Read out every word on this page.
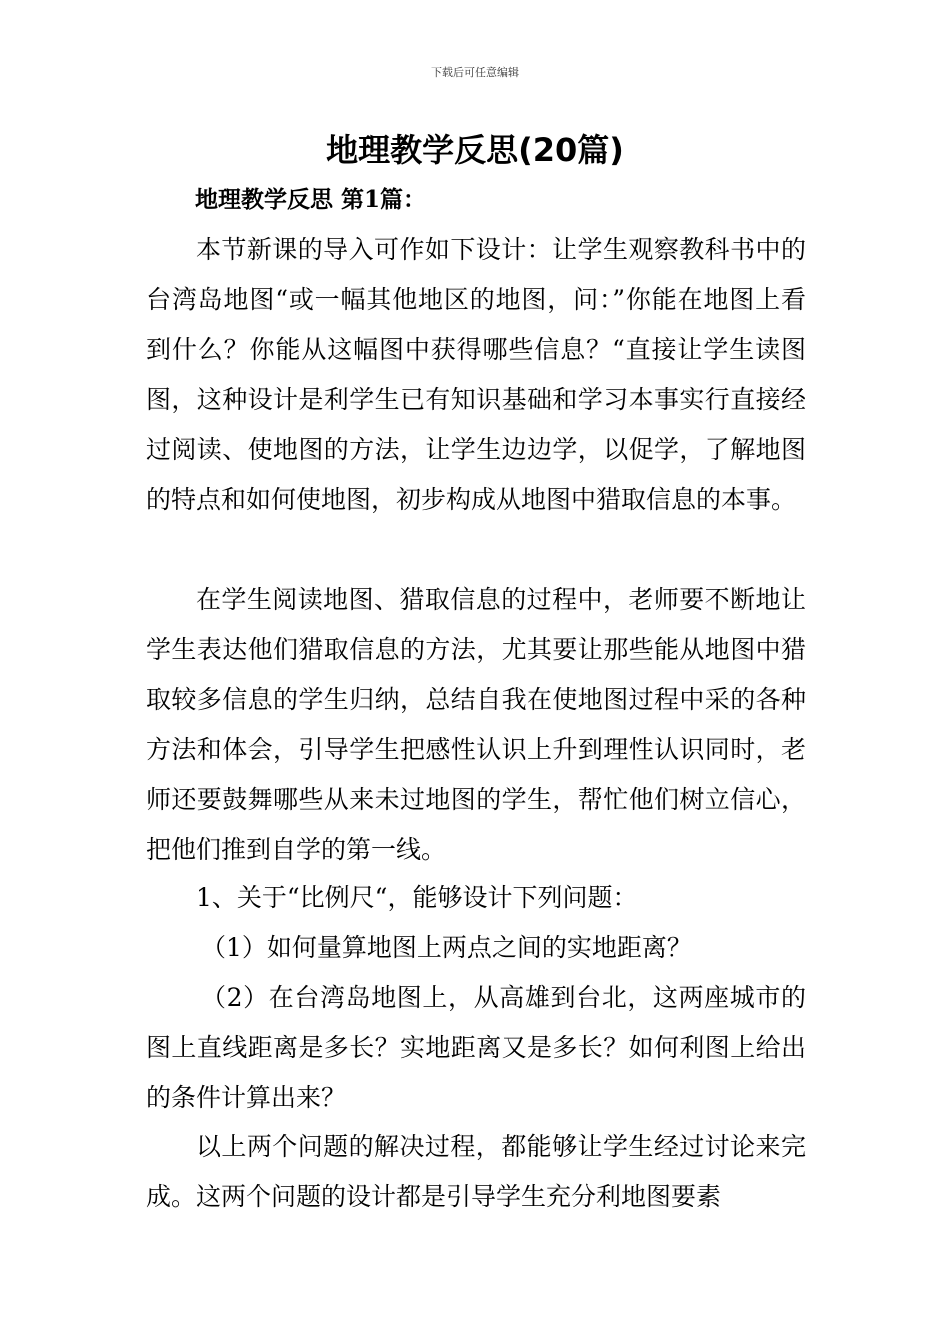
下载后可任意编辑
地理教学反思(20篇)
地理教学反思 第1篇：

本节新课的导入可作如下设计：让学生观察教科书中的台湾岛地图“或一幅其他地区的地图，问：”你能在地图上看到什么？你能从这幅图中获得哪些信息？“直接让学生读图图，这种设计是利学生已有知识基础和学习本事实行直接经过阅读、使地图的方法，让学生边边学，以促学，了解地图的特点和如何使地图，初步构成从地图中猎取信息的本事。

在学生阅读地图、猎取信息的过程中，老师要不断地让学生表达他们猎取信息的方法，尤其要让那些能从地图中猎取较多信息的学生归纳，总结自我在使地图过程中采的各种方法和体会，引导学生把感性认识上升到理性认识同时，老师还要鼓舞哪些从来未过地图的学生，帮忙他们树立信心，把他们推到自学的第一线。

1、关于“比例尺“，能够设计下列问题：

（1）如何量算地图上两点之间的实地距离？

（2）在台湾岛地图上，从高雄到台北，这两座城市的图上直线距离是多长？实地距离又是多长？如何利图上给出的条件计算出来？

以上两个问题的解决过程，都能够让学生经过讨论来完成。这两个问题的设计都是引导学生充分利地图要素
